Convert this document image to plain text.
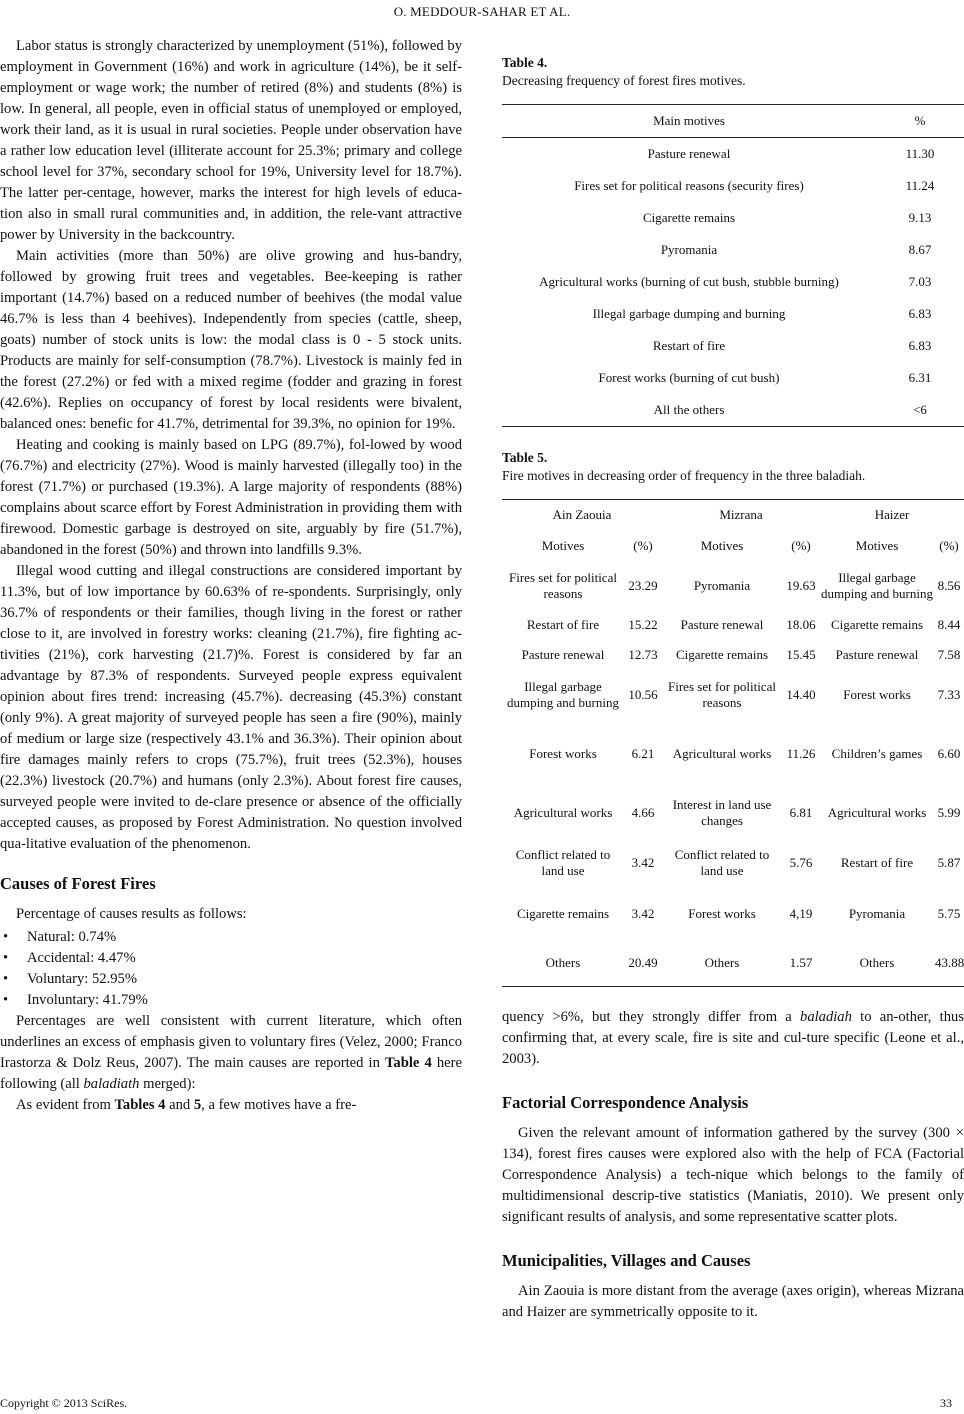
O. MEDDOUR-SAHAR ET AL.

Labor status is strongly characterized by unemployment (51%), followed by employment in Government (16%) and work in agriculture (14%), be it self-employment or wage work; the number of retired (8%) and students (8%) is low. In general, all people, even in official status of unemployed or employed, work their land, as it is usual in rural societies. People under observation have a rather low education level (illiterate account for 25.3%; primary and college school level for 37%, secondary school for 19%, University level for 18.7%). The latter per-centage, however, marks the interest for high levels of educa-tion also in small rural communities and, in addition, the rele-vant attractive power by University in the backcountry.

Main activities (more than 50%) are olive growing and hus-bandry, followed by growing fruit trees and vegetables. Bee-keeping is rather important (14.7%) based on a reduced number of beehives (the modal value 46.7% is less than 4 beehives). Independently from species (cattle, sheep, goats) number of stock units is low: the modal class is 0 - 5 stock units. Products are mainly for self-consumption (78.7%). Livestock is mainly fed in the forest (27.2%) or fed with a mixed regime (fodder and grazing in forest (42.6%). Replies on occupancy of forest by local residents were bivalent, balanced ones: benefic for 41.7%, detrimental for 39.3%, no opinion for 19%.

Heating and cooking is mainly based on LPG (89.7%), fol-lowed by wood (76.7%) and electricity (27%). Wood is mainly harvested (illegally too) in the forest (71.7%) or purchased (19.3%). A large majority of respondents (88%) complains about scarce effort by Forest Administration in providing them with firewood. Domestic garbage is destroyed on site, arguably by fire (51.7%), abandoned in the forest (50%) and thrown into landfills 9.3%.

Illegal wood cutting and illegal constructions are considered important by 11.3%, but of low importance by 60.63% of re-spondents. Surprisingly, only 36.7% of respondents or their families, though living in the forest or rather close to it, are involved in forestry works: cleaning (21.7%), fire fighting ac-tivities (21%), cork harvesting (21.7)%. Forest is considered by far an advantage by 87.3% of respondents. Surveyed people express equivalent opinion about fires trend: increasing (45.7%). decreasing (45.3%) constant (only 9%). A great majority of surveyed people has seen a fire (90%), mainly of medium or large size (respectively 43.1% and 36.3%). Their opinion about fire damages mainly refers to crops (75.7%), fruit trees (52.3%), houses (22.3%) livestock (20.7%) and humans (only 2.3%). About forest fire causes, surveyed people were invited to de-clare presence or absence of the officially accepted causes, as proposed by Forest Administration. No question involved qua-litative evaluation of the phenomenon.

Causes of Forest Fires

Percentage of causes results as follows:

• Natural: 0.74%
• Accidental: 4.47%
• Voluntary: 52.95%
• Involuntary: 41.79%

Percentages are well consistent with current literature, which often underlines an excess of emphasis given to voluntary fires (Velez, 2000; Franco Irastorza & Dolz Reus, 2007). The main causes are reported in Table 4 here following (all baladiath merged):

As evident from Tables 4 and 5, a few motives have a fre-

Table 4.
Decreasing frequency of forest fires motives.
Main motives	%
Pasture renewal	11.30
Fires set for political reasons (security fires)	11.24
Cigarette remains	9.13
Pyromania	8.67
Agricultural works (burning of cut bush, stubble burning)	7.03
Illegal garbage dumping and burning	6.83
Restart of fire	6.83
Forest works (burning of cut bush)	6.31
All the others	<6
Table 5.
Fire motives in decreasing order of frequency in the three baladiah.
Ain Zaouia		Mizrana		Haizer	
Motives	(%)	Motives	(%)	Motives	(%)
Fires set for political reasons	23.29	Pyromania	19.63	Illegal garbage dumping and burning	8.56
Restart of fire	15.22	Pasture renewal	18.06	Cigarette remains	8.44
Pasture renewal	12.73	Cigarette remains	15.45	Pasture renewal	7.58
Illegal garbage dumping and burning	10.56	Fires set for political reasons	14.40	Forest works	7.33
Forest works	6.21	Agricultural works	11.26	Children’s games	6.60
Agricultural works	4.66	Interest in land use changes	6.81	Agricultural works	5.99
Conflict related to land use	3.42	Conflict related to land use	5.76	Restart of fire	5.87
Cigarette remains	3.42	Forest works	4,19	Pyromania	5.75
Others	20.49	Others	1.57	Others	43.88

quency >6%, but they strongly differ from a baladiah to an-other, thus confirming that, at every scale, fire is site and cul-ture specific (Leone et al., 2003).

Factorial Correspondence Analysis

Given the relevant amount of information gathered by the survey (300 × 134), forest fires causes were explored also with the help of FCA (Factorial Correspondence Analysis) a tech-nique which belongs to the family of multidimensional descrip-tive statistics (Maniatis, 2010). We present only significant results of analysis, and some representative scatter plots.

Municipalities, Villages and Causes

Ain Zaouia is more distant from the average (axes origin), whereas Mizrana and Haizer are symmetrically opposite to it.

Copyright © 2013 SciRes.	33
